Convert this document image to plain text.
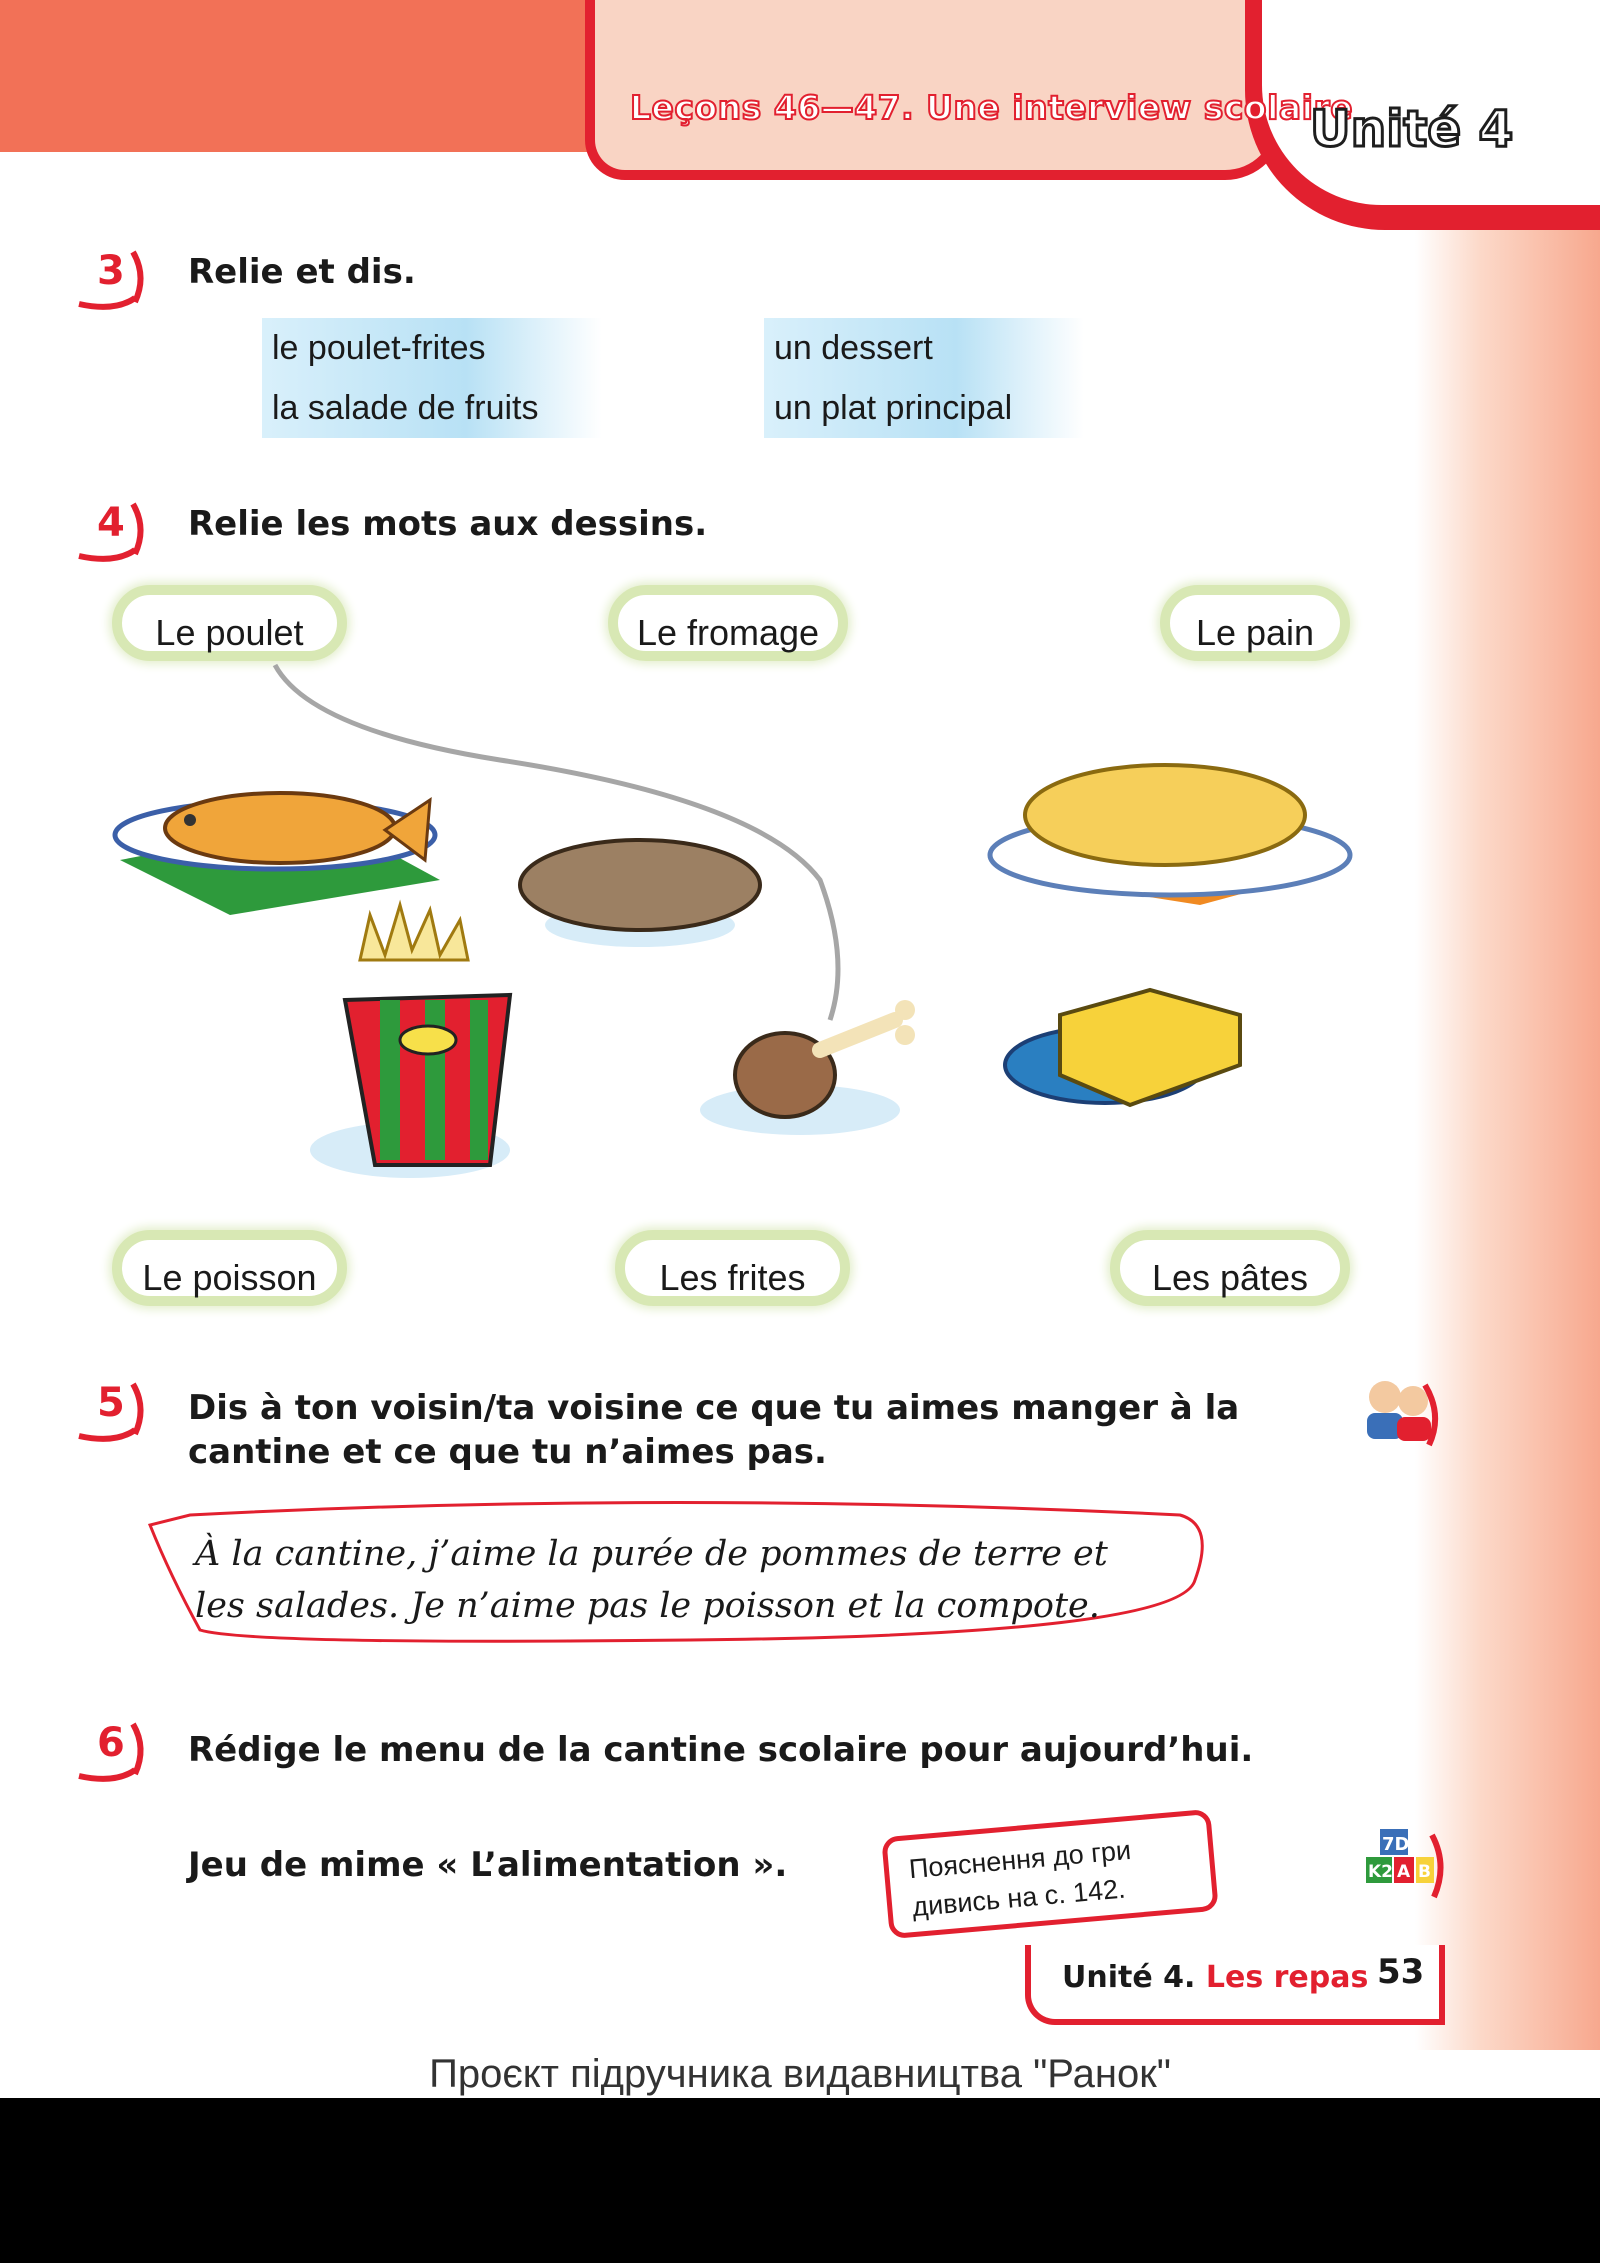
Leçons 46—47. Une interview scolaire
Unité 4
3 Relie et dis.
le poulet-frites
la salade de fruits
un dessert
un plat principal
4 Relie les mots aux dessins.
Le poulet	Le fromage	Le pain
Le poisson	Les frites	Les pâtes
5 Dis à ton voisin/ta voisine ce que tu aimes manger à la
cantine et ce que tu n’aimes pas.
À la cantine, j’aime la purée de pommes de terre et
les salades. Je n’aime pas le poisson et la compote.
6 Rédige le menu de la cantine scolaire pour aujourd’hui.
Jeu de mime « L’alimentation ».	Пояснення до гри
дивись на с. 142.
7D
K2 A B
Unité 4. Les repas 53
Проєкт підручника видавництва "Ранок"
